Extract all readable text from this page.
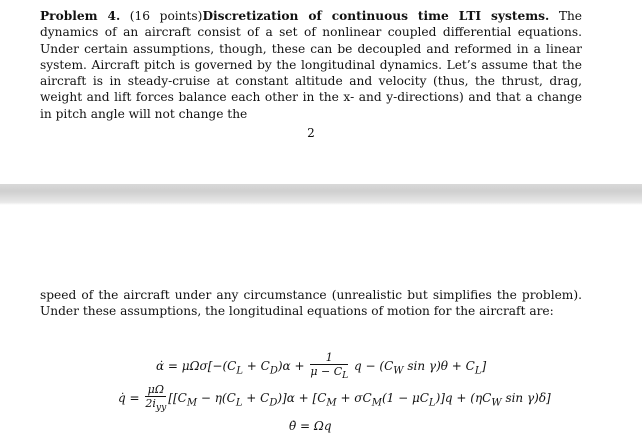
Problem 4. (16 points)Discretization of continuous time LTI systems. The dynamics of an aircraft consist of a set of nonlinear coupled differential equations. Under certain assumptions, though, these can be decoupled and reformed in a linear system. Aircraft pitch is governed by the longitudinal dynamics. Let’s assume that the aircraft is in steady-cruise at constant altitude and velocity (thus, the thrust, drag, weight and lift forces balance each other in the x- and y-directions) and that a change in pitch angle will not change the

2

speed of the aircraft under any circumstance (unrealistic but simplifies the problem). Under these assumptions, the longitudinal equations of motion for the aircraft are:

α̇ = $\mu\Omega\sigma[-(C_L + C_D)\alpha + \frac{1}{\mu - C_L}$ $q - (C_W$ $\sin \gamma)\theta + C_L$]
q̇ = $\frac{\mu\Omega}{2i_{yy}} [[C_M - \eta(C_L + C_D)]\alpha + [C_M + \sigma C_M(1 - \mu C_L)]q + (\eta C_W$ sin γ)δ]
θ̇ = Ωq
